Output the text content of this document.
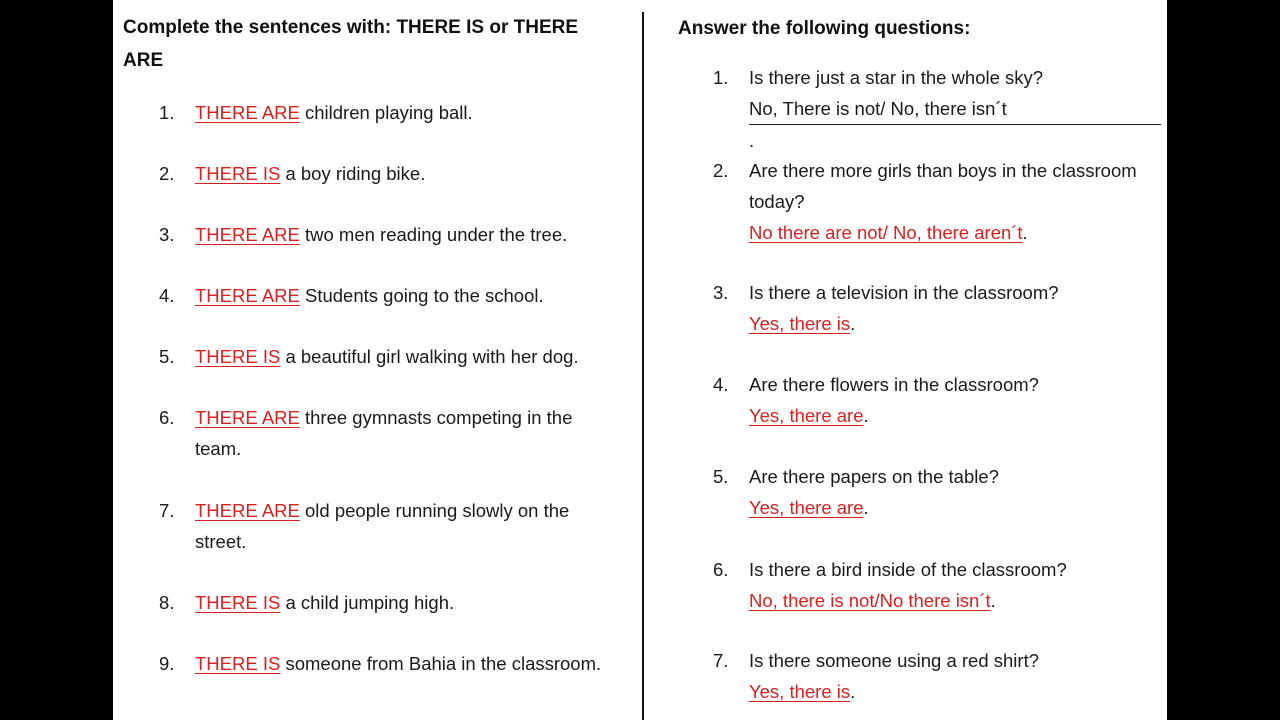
Complete the sentences with: THERE IS or THERE ARE
1.	THERE ARE children playing ball.
2.	THERE IS a boy riding bike.
3.	THERE ARE two men reading under the tree.
4.	THERE ARE Students going to the school.
5.	THERE IS a beautiful girl walking with her dog.
6.	THERE ARE three gymnasts competing in the team.
7.	THERE ARE old people running slowly on the street.
8.	THERE IS a child jumping high.
9.	THERE IS someone from Bahia in the classroom.
Answer the following questions:
1.	Is there just a star in the whole sky?
No, There is not/ No, there isn´t.
2.	Are there more girls than boys in the classroom today?
No there are not/ No, there aren´t.
3.	Is there a television in the classroom?
Yes, there is.
4.	Are there flowers in the classroom?
Yes, there are.
5.	Are there papers on the table?
Yes, there are.
6.	Is there a bird inside of the classroom?
No, there is not/No there isn´t.
7.	Is there someone using a red shirt?
Yes, there is.
